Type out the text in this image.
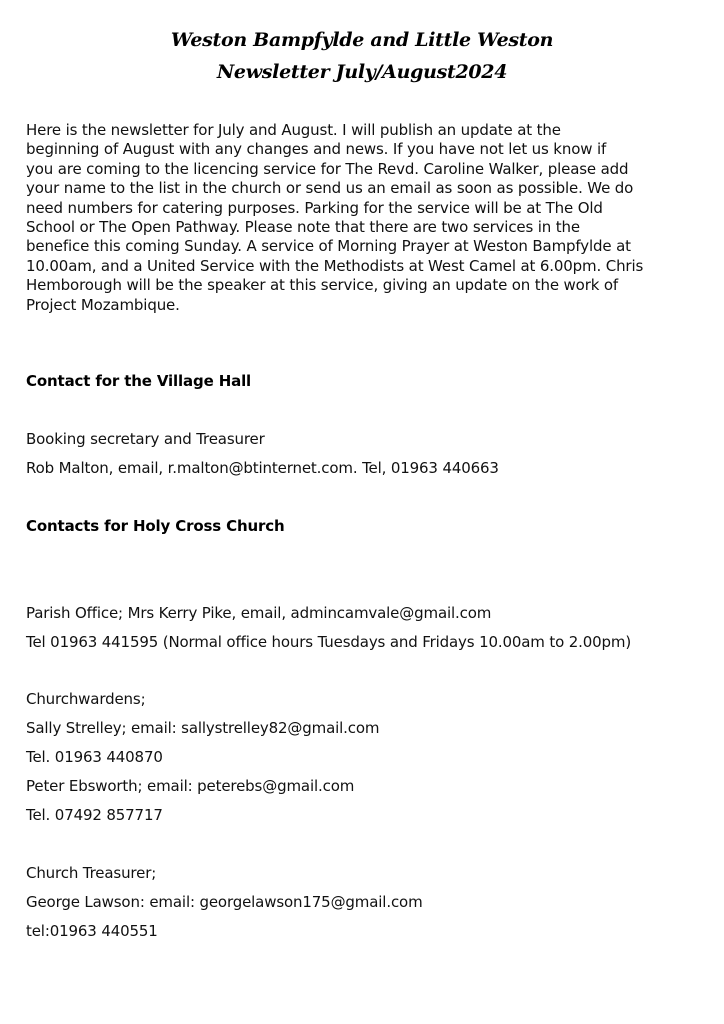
Weston Bampfylde and Little Weston
Newsletter July/August2024

Here is the newsletter for July and August. I will publish an update at the
beginning of August with any changes and news. If you have not let us know if
you are coming to the licencing service for The Revd. Caroline Walker, please add
your name to the list in the church or send us an email as soon as possible. We do
need numbers for catering purposes. Parking for the service will be at The Old
School or The Open Pathway. Please note that there are two services in the
benefice this coming Sunday. A service of Morning Prayer at Weston Bampfylde at
10.00am, and a United Service with the Methodists at West Camel at 6.00pm. Chris
Hemborough will be the speaker at this service, giving an update on the work of
Project Mozambique.

Contact for the Village Hall

Booking secretary and Treasurer

Rob Malton, email, r.malton@btinternet.com. Tel, 01963 440663

Contacts for Holy Cross Church

Parish Office; Mrs Kerry Pike, email, admincamvale@gmail.com

Tel 01963 441595 (Normal office hours Tuesdays and Fridays 10.00am to 2.00pm)

Churchwardens;

Sally Strelley; email: sallystrelley82@gmail.com

Tel. 01963 440870

Peter Ebsworth; email: peterebs@gmail.com

Tel. 07492 857717

Church Treasurer;

George Lawson: email: georgelawson175@gmail.com

tel:01963 440551
